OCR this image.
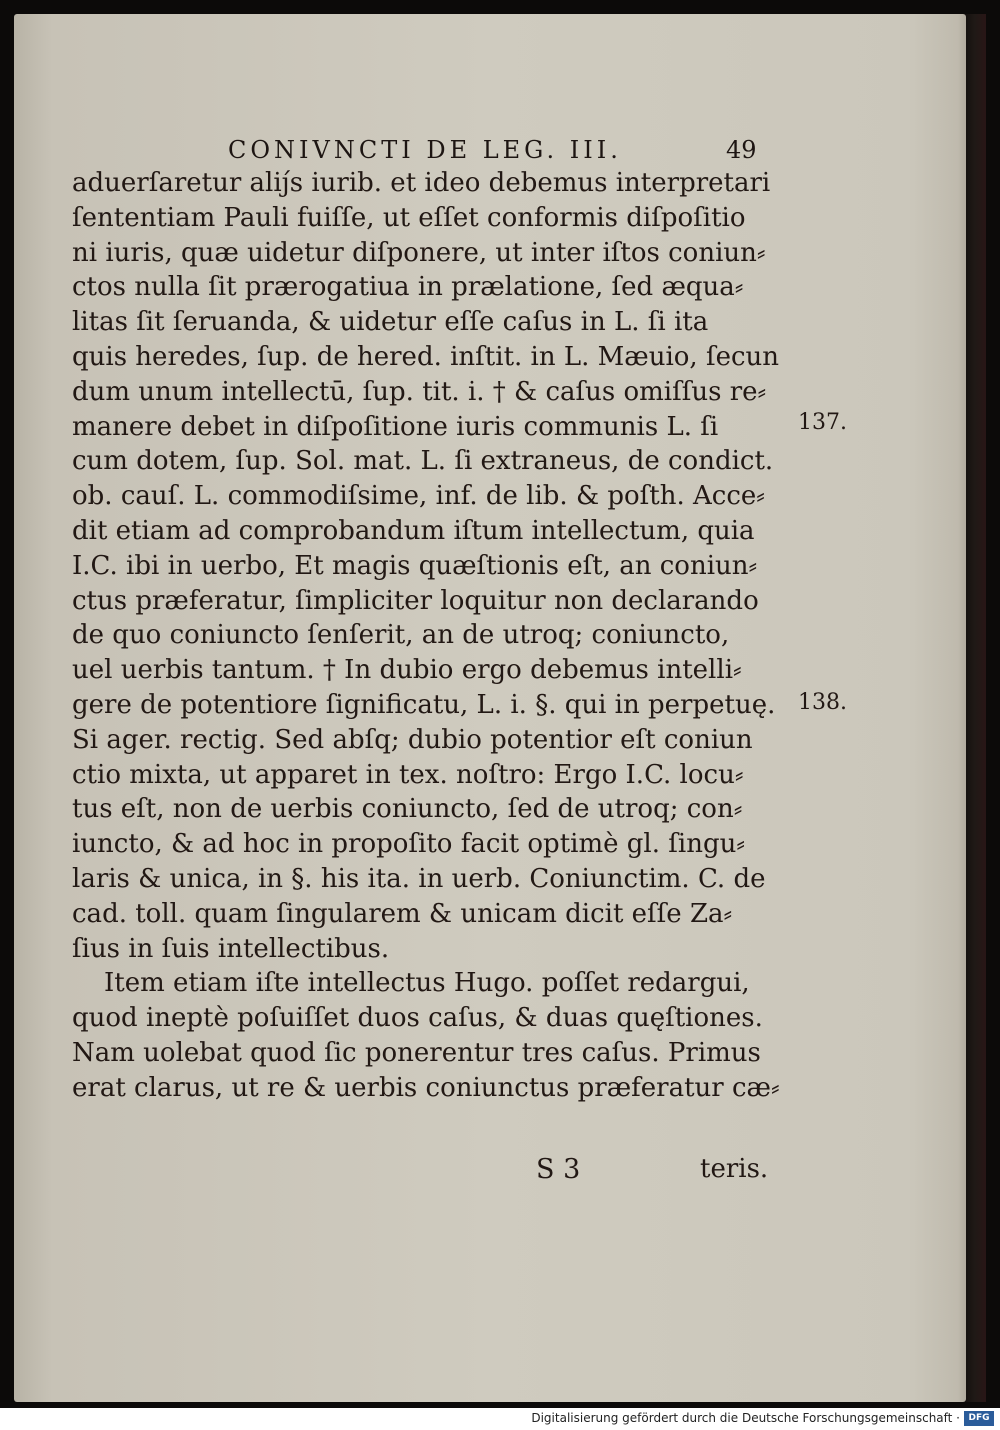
CONIVNCTI DE LEG. III.	49
aduerſaretur aliȷ́s iurib. et ideo debemus interpretari
ſententiam Pauli fuiſſe, ut eſſet conformis diſpoſitio
ni iuris, quæ uidetur diſponere, ut inter iſtos coniun⸗
ctos nulla ſit prærogatiua in prælatione, ſed æqua⸗
litas ſit ſeruanda, & uidetur eſſe caſus in L. ſi ita
quis heredes, ſup. de hered. inſtit. in L. Mæuio, ſecun
dum unum intellectū, ſup. tit. i. † & caſus omiſſus re⸗
manere debet in diſpoſitione iuris communis L. ſi
cum dotem, ſup. Sol. mat. L. ſi extraneus, de condict.
ob. cauſ. L. commodiſsime, inf. de lib. & poſth. Acce⸗
dit etiam ad comprobandum iſtum intellectum, quia
I.C. ibi in uerbo, Et magis quæſtionis eſt, an coniun⸗
ctus præferatur, ſimpliciter loquitur non declarando
de quo coniuncto ſenſerit, an de utroq; coniuncto,
uel uerbis tantum. † In dubio ergo debemus intelli⸗
gere de potentiore ſignificatu, L. i. §. qui in perpetuę.
Si ager. rectig. Sed abſq; dubio potentior eſt coniun
ctio mixta, ut apparet in tex. noſtro: Ergo I.C. locu⸗
tus eſt, non de uerbis coniuncto, ſed de utroq; con⸗
iuncto, & ad hoc in propoſito facit optimè gl. ſingu⸗
laris & unica, in §. his ita. in uerb. Coniunctim. C. de
cad. toll. quam ſingularem & unicam dicit eſſe Za⸗
ſius in ſuis intellectibus.
Item etiam iſte intellectus Hugo. poſſet redargui,
quod ineptè poſuiſſet duos caſus, & duas quęſtiones.
Nam uolebat quod ſic ponerentur tres caſus. Primus
erat clarus, ut re & uerbis coniunctus præferatur cæ⸗
S 3	teris.
137.
138.
Digitalisierung gefördert durch die Deutsche Forschungsgemeinschaft · DFG
